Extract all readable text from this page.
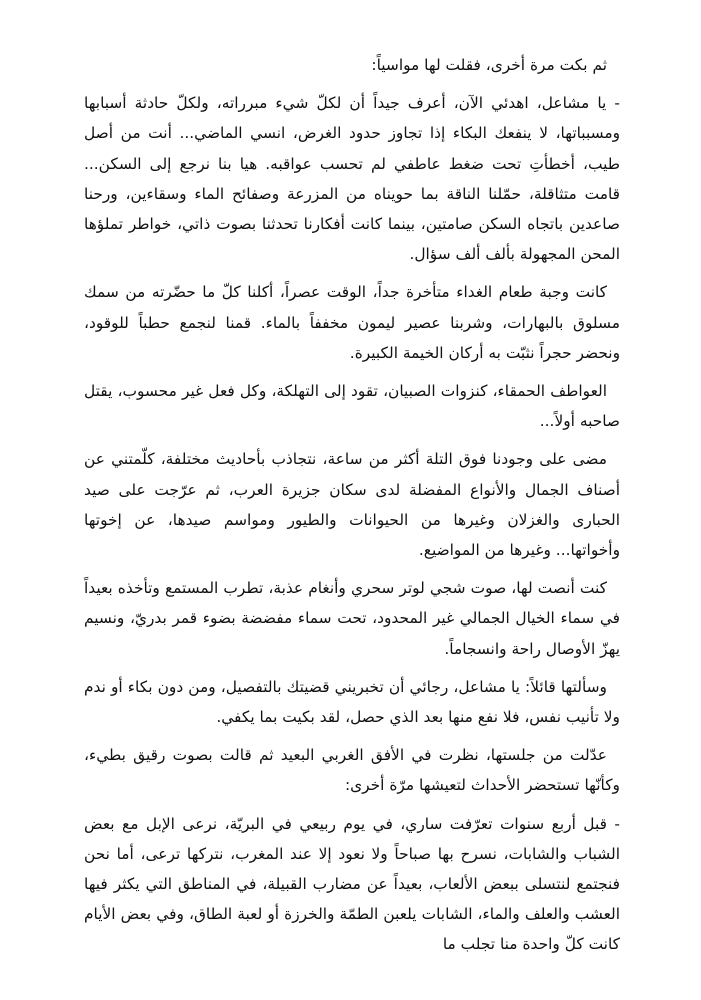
ثم بكت مرة أخرى، فقلت لها مواسياً:

- يا مشاعل، اهدئي الآن، أعرف جيداً أن لكلّ شيء مبرراته، ولكلّ حادثة أسبابها ومسبباتها، لا ينفعك البكاء إذا تجاوز حدود الغرض، انسي الماضي... أنت من أصل طيب، أخطأتِ تحت ضغط عاطفي لم تحسب عواقبه. هيا بنا نرجع إلى السكن... قامت متثاقلة، حمّلنا الناقة بما حويناه من المزرعة وصفائح الماء وسقاءين، ورحنا صاعدين باتجاه السكن صامتين، بينما كانت أفكارنا تحدثنا بصوت ذاتي، خواطر تملؤها المحن المجهولة بألف ألف سؤال.

كانت وجبة طعام الغداء متأخرة جداً، الوقت عصراً، أكلنا كلّ ما حضّرته من سمك مسلوق بالبهارات، وشربنا عصير ليمون مخففاً بالماء. قمنا لنجمع حطباً للوقود، ونحضر حجراً نثبّت به أركان الخيمة الكبيرة.

العواطف الحمقاء، كنزوات الصبيان، تقود إلى التهلكة، وكل فعل غير محسوب، يقتل صاحبه أولاً...

مضى على وجودنا فوق التلة أكثر من ساعة، نتجاذب بأحاديث مختلفة، كلّمتني عن أصناف الجمال والأنواع المفضلة لدى سكان جزيرة العرب، ثم عرّجت على صيد الحبارى والغزلان وغيرها من الحيوانات والطيور ومواسم صيدها، عن إخوتها وأخواتها... وغيرها من المواضيع.

كنت أنصت لها، صوت شجي لوتر سحري وأنغام عذبة، تطرب المستمع وتأخذه بعيداً في سماء الخيال الجمالي غير المحدود، تحت سماء مفضضة بضوء قمر بدريّ، ونسيم يهزّ الأوصال راحة وانسجاماً.

وسألتها قائلاً: يا مشاعل، رجائي أن تخبريني قضيتك بالتفصيل، ومن دون بكاء أو ندم ولا تأنيب نفس، فلا نفع منها بعد الذي حصل، لقد بكيت بما يكفي.

عدّلت من جلستها، نظرت في الأفق الغربي البعيد ثم قالت بصوت رقيق بطيء، وكأنّها تستحضر الأحداث لتعيشها مرّة أخرى:

- قبل أربع سنوات تعرّفت ساري، في يوم ربيعي في البريّة، نرعى الإبل مع بعض الشباب والشابات، نسرح بها صباحاً ولا نعود إلا عند المغرب، نتركها ترعى، أما نحن فنجتمع لنتسلى ببعض الألعاب، بعيداً عن مضارب القبيلة، في المناطق التي يكثر فيها العشب والعلف والماء، الشابات يلعبن الطمّة والخرزة أو لعبة الطاق، وفي بعض الأيام كانت كلّ واحدة منا تجلب ما
